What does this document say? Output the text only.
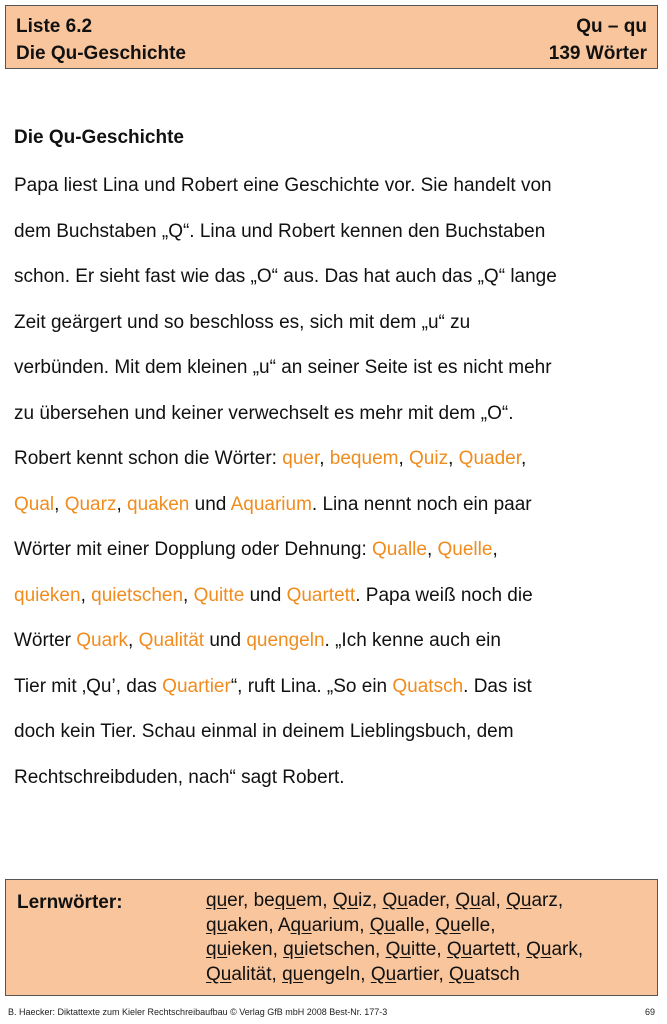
Liste 6.2
Die Qu-Geschichte
Qu – qu
139 Wörter
Die Qu-Geschichte
Papa liest Lina und Robert eine Geschichte vor. Sie handelt von
dem Buchstaben „Q“. Lina und Robert kennen den Buchstaben
schon. Er sieht fast wie das „O“ aus. Das hat auch das „Q“ lange
Zeit geärgert und so beschloss es, sich mit dem „u“ zu
verbünden. Mit dem kleinen „u“ an seiner Seite ist es nicht mehr
zu übersehen und keiner verwechselt es mehr mit dem „O“.
Robert kennt schon die Wörter: quer, bequem, Quiz, Quader,
Qual, Quarz, quaken und Aquarium. Lina nennt noch ein paar
Wörter mit einer Dopplung oder Dehnung: Qualle, Quelle,
quieken, quietschen, Quitte und Quartett. Papa weiß noch die
Wörter Quark, Qualität und quengeln. „Ich kenne auch ein
Tier mit ‚Qu’, das Quartier“, ruft Lina. „So ein Quatsch. Das ist
doch kein Tier. Schau einmal in deinem Lieblingsbuch, dem
Rechtschreibduden, nach“ sagt Robert.
Lernwörter:	quer, bequem, Quiz, Quader, Qual, Quarz,
quaken, Aquarium, Qualle, Quelle,
quieken, quietschen, Quitte, Quartett, Quark,
Qualität, quengeln, Quartier, Quatsch
B. Haecker: Diktattexte zum Kieler Rechtschreibaufbau © Verlag GfB mbH 2008 Best-Nr. 177-3	69
